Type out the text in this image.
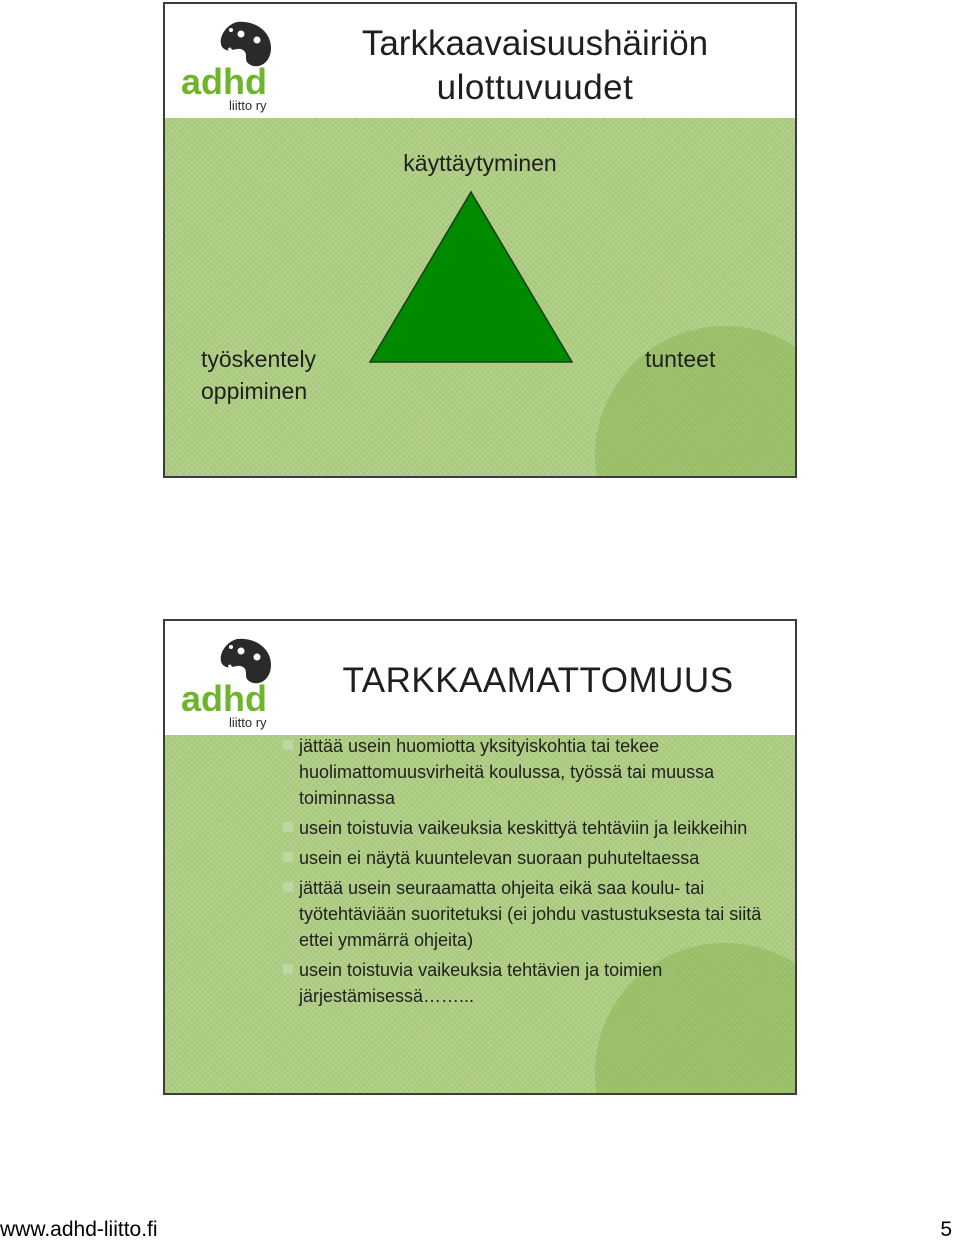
adhd
liitto ry
Tarkkaavaisuushäiriön
ulottuvuudet
käyttäytyminen
työskentely
oppiminen
tunteet
adhd
liitto ry
TARKKAAMATTOMUUS
jättää usein huomiotta yksityiskohtia tai tekee huolimattomuusvirheitä koulussa, työssä tai muussa toiminnassa
usein toistuvia vaikeuksia keskittyä tehtäviin ja leikkeihin
usein ei näytä kuuntelevan suoraan puhuteltaessa
jättää usein seuraamatta ohjeita eikä saa koulu- tai työtehtäviään suoritetuksi (ei johdu vastustuksesta tai siitä ettei ymmärrä ohjeita)
usein toistuvia vaikeuksia tehtävien ja toimien järjestämisessä……...
www.adhd-liitto.fi	5
